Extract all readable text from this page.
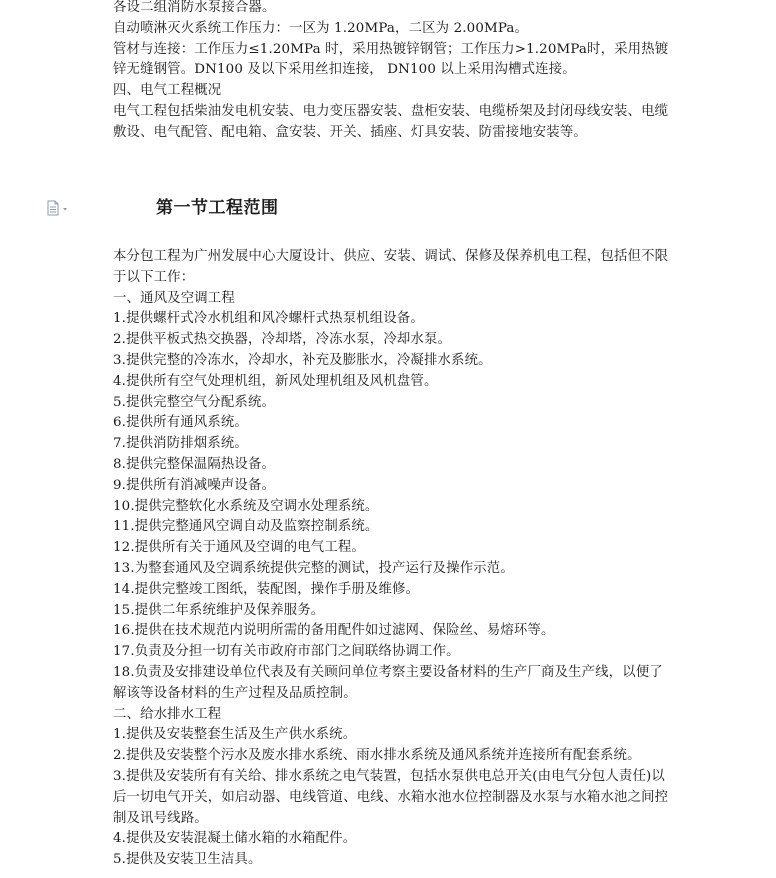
各设二组消防水泵接合器。

自动喷淋灭火系统工作压力：一区为 1.20MPa，二区为 2.00MPa。

管材与连接：工作压力≤1.20MPa 时，采用热镀锌钢管；工作压力>1.20MPa时，采用热镀锌无缝钢管。DN100 及以下采用丝扣连接， DN100 以上采用沟槽式连接。

四、电气工程概况

电气工程包括柴油发电机安装、电力变压器安装、盘柜安装、电缆桥架及封闭母线安装、电缆敷设、电气配管、配电箱、盒安装、开关、插座、灯具安装、防雷接地安装等。

第一节工程范围

本分包工程为广州发展中心大厦设计、供应、安装、调试、保修及保养机电工程，包括但不限于以下工作：

一、通风及空调工程

1.提供螺杆式冷水机组和风冷螺杆式热泵机组设备。

2.提供平板式热交换器，冷却塔，冷冻水泵，冷却水泵。

3.提供完整的冷冻水，冷却水，补充及膨胀水，冷凝排水系统。

4.提供所有空气处理机组，新风处理机组及风机盘管。

5.提供完整空气分配系统。

6.提供所有通风系统。

7.提供消防排烟系统。

8.提供完整保温隔热设备。

9.提供所有消减噪声设备。

10.提供完整软化水系统及空调水处理系统。

11.提供完整通风空调自动及监察控制系统。

12.提供所有关于通风及空调的电气工程。

13.为整套通风及空调系统提供完整的测试，投产运行及操作示范。

14.提供完整竣工图纸，装配图，操作手册及维修。

15.提供二年系统维护及保养服务。

16.提供在技术规范内说明所需的备用配件如过滤网、保险丝、易熔环等。

17.负责及分担一切有关市政府市部门之间联络协调工作。

18.负责及安排建设单位代表及有关顾问单位考察主要设备材料的生产厂商及生产线，以便了解该等设备材料的生产过程及品质控制。

二、给水排水工程

1.提供及安装整套生活及生产供水系统。

2.提供及安装整个污水及废水排水系统、雨水排水系统及通风系统并连接所有配套系统。

3.提供及安装所有有关给、排水系统之电气装置，包括水泵供电总开关(由电气分包人责任)以后一切电气开关，如启动器、电线管道、电线、水箱水池水位控制器及水泵与水箱水池之间控制及讯号线路。

4.提供及安装混凝土储水箱的水箱配件。

5.提供及安装卫生洁具。
